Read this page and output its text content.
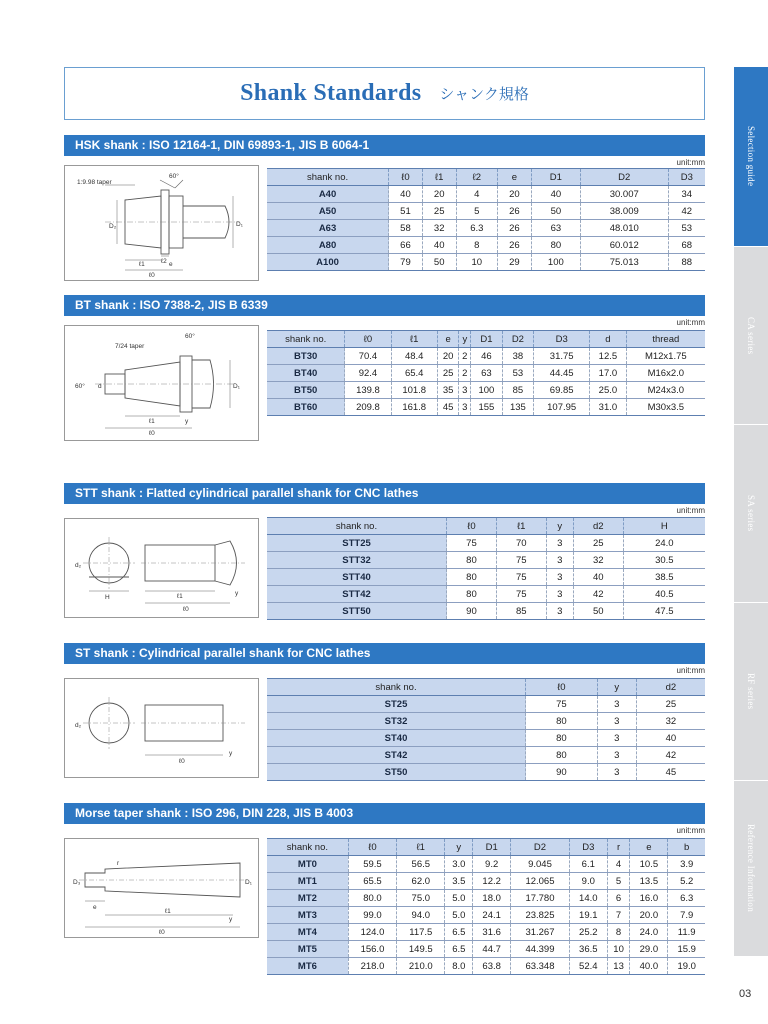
Shank Standards シャンク規格
HSK shank : ISO 12164-1, DIN 69893-1, JIS B 6064-1
unit:mm
1:9.98 taper
60°
D₂	D₁
ℓ2
ℓ1	e
ℓ0
shank no.	ℓ0	ℓ1	ℓ2	e	D1	D2	D3
A40	40	20	4	20	40	30.007	34
A50	51	25	5	26	50	38.009	42
A63	58	32	6.3	26	63	48.010	53
A80	66	40	8	26	80	60.012	68
A100	79	50	10	29	100	75.013	88
BT shank : ISO 7388-2, JIS B 6339
unit:mm
7/24 taper
60°
60° d	D₁
ℓ1
ℓ0
y
shank no.	ℓ0	ℓ1	e	y	D1	D2	D3	d	thread
BT30	70.4	48.4	20	2	46	38	31.75	12.5	M12x1.75
BT40	92.4	65.4	25	2	63	53	44.45	17.0	M16x2.0
BT50	139.8	101.8	35	3	100	85	69.85	25.0	M24x3.0
BT60	209.8	161.8	45	3	155	135	107.95	31.0	M30x3.5
STT shank : Flatted cylindrical parallel shank for CNC lathes
unit:mm
d₂
H	ℓ1
ℓ0
y
shank no.	ℓ0	ℓ1	y	d2	H
STT25	75	70	3	25	24.0
STT32	80	75	3	32	30.5
STT40	80	75	3	40	38.5
STT42	80	75	3	42	40.5
STT50	90	85	3	50	47.5
ST shank : Cylindrical parallel shank for CNC lathes
unit:mm
d₂
ℓ0
y
shank no.	ℓ0	y	d2
ST25	75	3	25
ST32	80	3	32
ST40	80	3	40
ST42	80	3	42
ST50	90	3	45
Morse taper shank : ISO 296, DIN 228, JIS B 4003
unit:mm
D₃
r
e
ℓ1
ℓ0
y
D₁
shank no.	ℓ0	ℓ1	y	D1	D2	D3	r	e	b
MT0	59.5	56.5	3.0	9.2	9.045	6.1	4	10.5	3.9
MT1	65.5	62.0	3.5	12.2	12.065	9.0	5	13.5	5.2
MT2	80.0	75.0	5.0	18.0	17.780	14.0	6	16.0	6.3
MT3	99.0	94.0	5.0	24.1	23.825	19.1	7	20.0	7.9
MT4	124.0	117.5	6.5	31.6	31.267	25.2	8	24.0	11.9
MT5	156.0	149.5	6.5	44.7	44.399	36.5	10	29.0	15.9
MT6	218.0	210.0	8.0	63.8	63.348	52.4	13	40.0	19.0
Selection guide
CA series
SA series
RF series
Reference Information
03
